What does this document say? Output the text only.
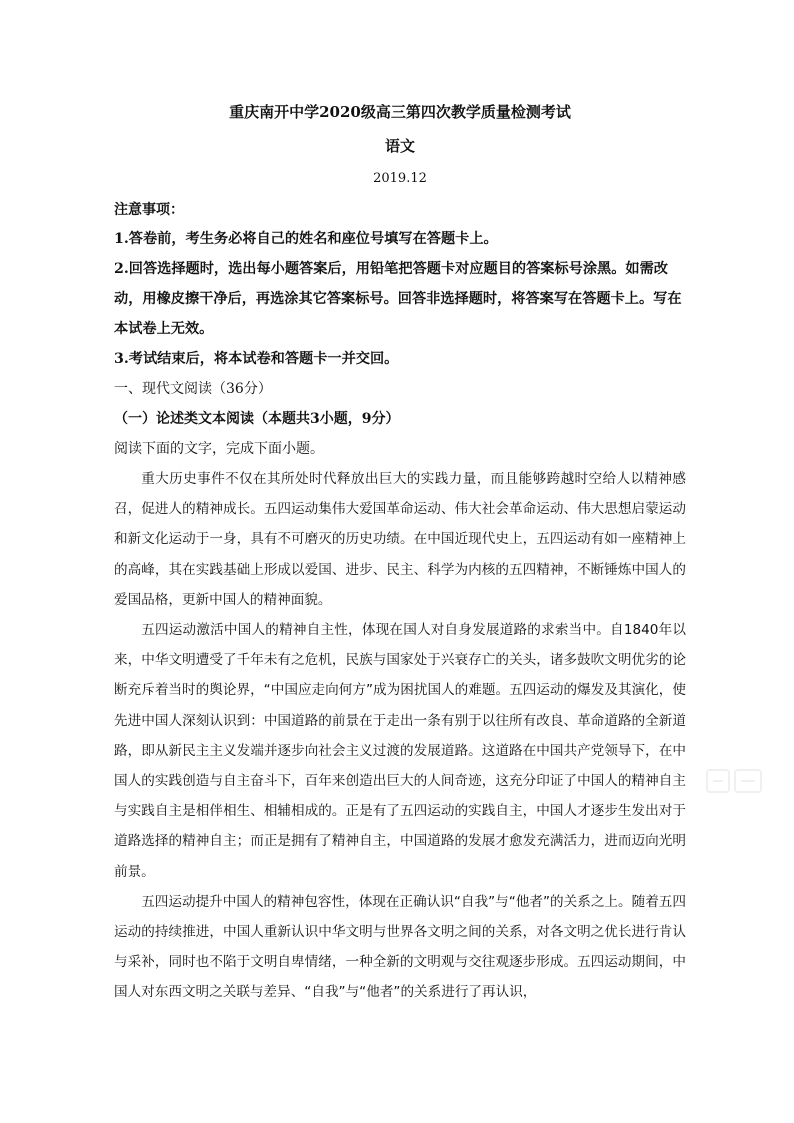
重庆南开中学2020级高三第四次教学质量检测考试
语文
2019.12
注意事项：
1.答卷前，考生务必将自己的姓名和座位号填写在答题卡上。
2.回答选择题时，选出每小题答案后，用铅笔把答题卡对应题目的答案标号涂黑。如需改动，用橡皮擦干净后，再选涂其它答案标号。回答非选择题时，将答案写在答题卡上。写在本试卷上无效。
3.考试结束后，将本试卷和答题卡一并交回。
一、现代文阅读（36分）
（一）论述类文本阅读（本题共3小题，9分）
阅读下面的文字，完成下面小题。

重大历史事件不仅在其所处时代释放出巨大的实践力量，而且能够跨越时空给人以精神感召，促进人的精神成长。五四运动集伟大爱国革命运动、伟大社会革命运动、伟大思想启蒙运动和新文化运动于一身，具有不可磨灭的历史功绩。在中国近现代史上，五四运动有如一座精神上的高峰，其在实践基础上形成以爱国、进步、民主、科学为内核的五四精神，不断锤炼中国人的爱国品格，更新中国人的精神面貌。

五四运动激活中国人的精神自主性，体现在国人对自身发展道路的求索当中。自1840年以来，中华文明遭受了千年未有之危机，民族与国家处于兴衰存亡的关头，诸多鼓吹文明优劣的论断充斥着当时的舆论界，“中国应走向何方”成为困扰国人的难题。五四运动的爆发及其演化，使先进中国人深刻认识到：中国道路的前景在于走出一条有别于以往所有改良、革命道路的全新道路，即从新民主主义发端并逐步向社会主义过渡的发展道路。这道路在中国共产党领导下，在中国人的实践创造与自主奋斗下，百年来创造出巨大的人间奇迹，这充分印证了中国人的精神自主与实践自主是相伴相生、相辅相成的。正是有了五四运动的实践自主，中国人才逐步生发出对于道路选择的精神自主；而正是拥有了精神自主，中国道路的发展才愈发充满活力，进而迈向光明前景。

五四运动提升中国人的精神包容性，体现在正确认识“自我”与“他者”的关系之上。随着五四运动的持续推进，中国人重新认识中华文明与世界各文明之间的关系，对各文明之优长进行肯认与采补，同时也不陷于文明自卑情绪，一种全新的文明观与交往观逐步形成。五四运动期间，中国人对东西文明之关联与差异、“自我”与“他者”的关系进行了再认识，
